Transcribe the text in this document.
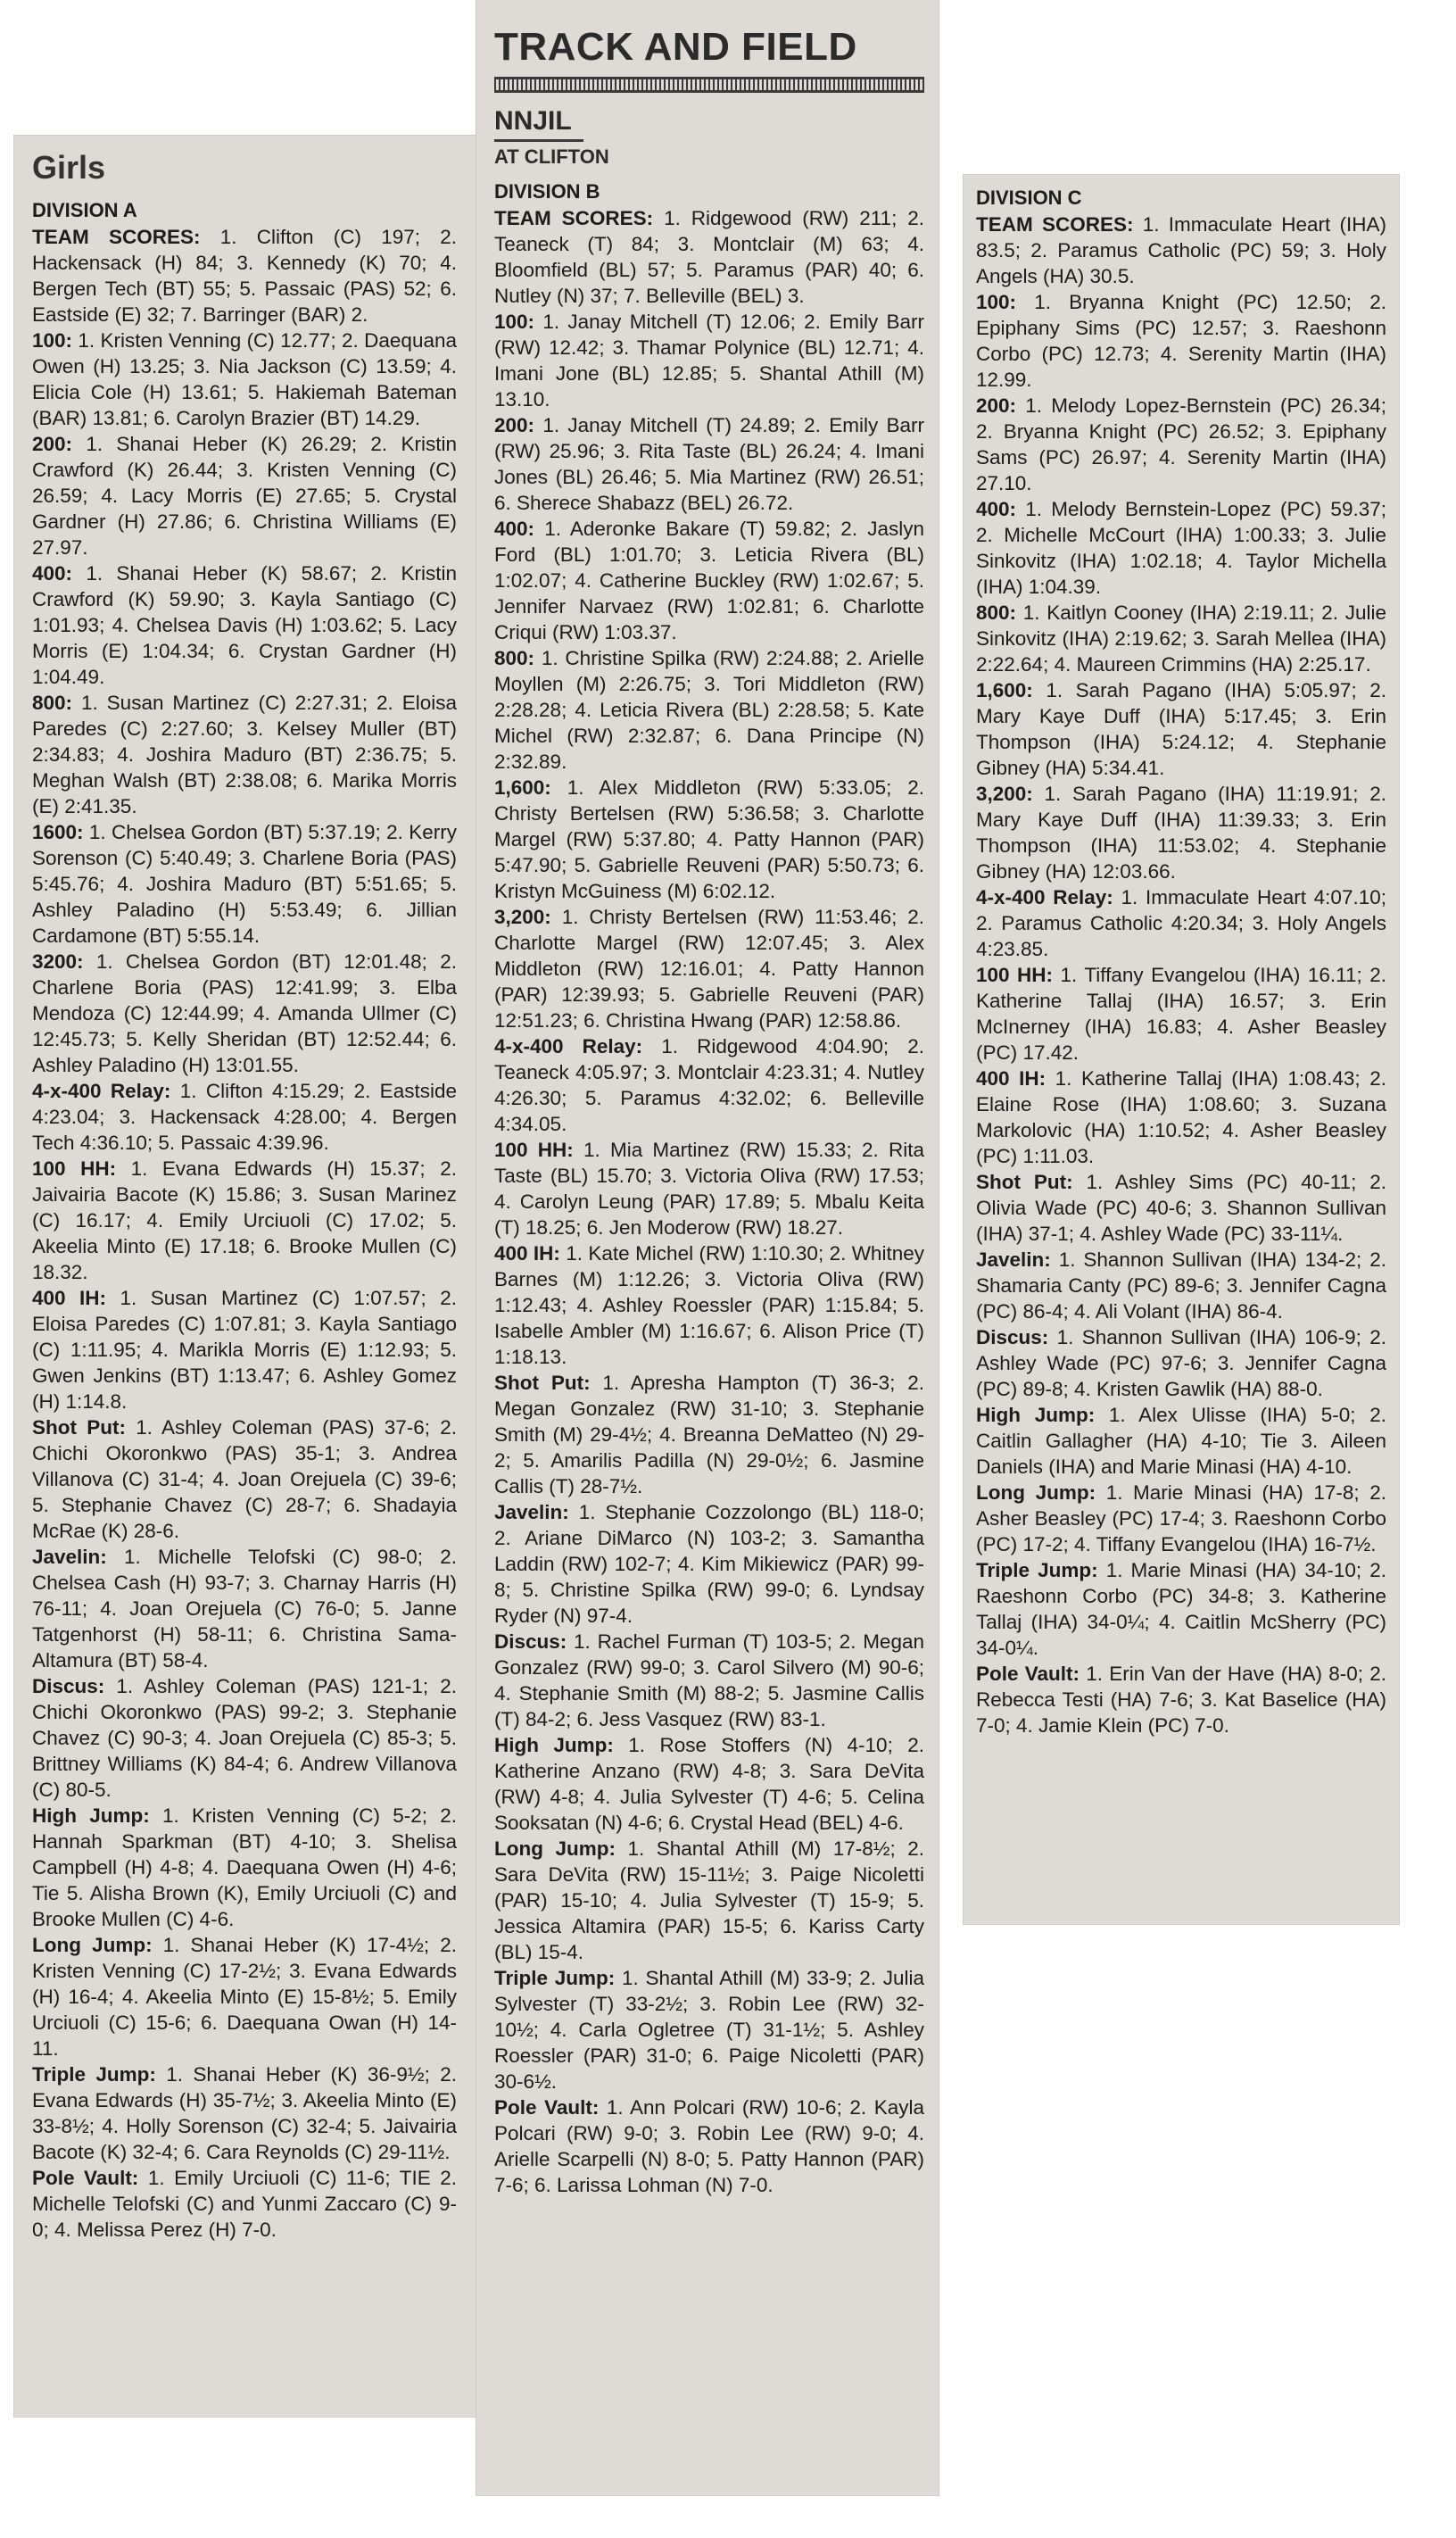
Girls
DIVISION A

TEAM SCORES: 1. Clifton (C) 197; 2. Hackensack (H) 84; 3. Kennedy (K) 70; 4. Bergen Tech (BT) 55; 5. Passaic (PAS) 52; 6. Eastside (E) 32; 7. Barringer (BAR) 2.

100: 1. Kristen Venning (C) 12.77; 2. Daequana Owen (H) 13.25; 3. Nia Jackson (C) 13.59; 4. Elicia Cole (H) 13.61; 5. Hakiemah Bateman (BAR) 13.81; 6. Carolyn Brazier (BT) 14.29.

200: 1. Shanai Heber (K) 26.29; 2. Kristin Crawford (K) 26.44; 3. Kristen Venning (C) 26.59; 4. Lacy Morris (E) 27.65; 5. Crystal Gardner (H) 27.86; 6. Christina Williams (E) 27.97.

400: 1. Shanai Heber (K) 58.67; 2. Kristin Crawford (K) 59.90; 3. Kayla Santiago (C) 1:01.93; 4. Chelsea Davis (H) 1:03.62; 5. Lacy Morris (E) 1:04.34; 6. Crystan Gardner (H) 1:04.49.

800: 1. Susan Martinez (C) 2:27.31; 2. Eloisa Paredes (C) 2:27.60; 3. Kelsey Muller (BT) 2:34.83; 4. Joshira Maduro (BT) 2:36.75; 5. Meghan Walsh (BT) 2:38.08; 6. Marika Morris (E) 2:41.35.

1600: 1. Chelsea Gordon (BT) 5:37.19; 2. Kerry Sorenson (C) 5:40.49; 3. Charlene Boria (PAS) 5:45.76; 4. Joshira Maduro (BT) 5:51.65; 5. Ashley Paladino (H) 5:53.49; 6. Jillian Cardamone (BT) 5:55.14.

3200: 1. Chelsea Gordon (BT) 12:01.48; 2. Charlene Boria (PAS) 12:41.99; 3. Elba Mendoza (C) 12:44.99; 4. Amanda Ullmer (C) 12:45.73; 5. Kelly Sheridan (BT) 12:52.44; 6. Ashley Paladino (H) 13:01.55.

4-x-400 Relay: 1. Clifton 4:15.29; 2. Eastside 4:23.04; 3. Hackensack 4:28.00; 4. Bergen Tech 4:36.10; 5. Passaic 4:39.96.

100 HH: 1. Evana Edwards (H) 15.37; 2. Jaivairia Bacote (K) 15.86; 3. Susan Marinez (C) 16.17; 4. Emily Urciuoli (C) 17.02; 5. Akeelia Minto (E) 17.18; 6. Brooke Mullen (C) 18.32.

400 IH: 1. Susan Martinez (C) 1:07.57; 2. Eloisa Paredes (C) 1:07.81; 3. Kayla Santiago (C) 1:11.95; 4. Marikla Morris (E) 1:12.93; 5. Gwen Jenkins (BT) 1:13.47; 6. Ashley Gomez (H) 1:14.8.

Shot Put: 1. Ashley Coleman (PAS) 37-6; 2. Chichi Okoronkwo (PAS) 35-1; 3. Andrea Villanova (C) 31-4; 4. Joan Orejuela (C) 39-6; 5. Stephanie Chavez (C) 28-7; 6. Shadayia McRae (K) 28-6.

Javelin: 1. Michelle Telofski (C) 98-0; 2. Chelsea Cash (H) 93-7; 3. Charnay Harris (H) 76-11; 4. Joan Orejuela (C) 76-0; 5. Janne Tatgenhorst (H) 58-11; 6. Christina Sama-Altamura (BT) 58-4.

Discus: 1. Ashley Coleman (PAS) 121-1; 2. Chichi Okoronkwo (PAS) 99-2; 3. Stephanie Chavez (C) 90-3; 4. Joan Orejuela (C) 85-3; 5. Brittney Williams (K) 84-4; 6. Andrew Villanova (C) 80-5.

High Jump: 1. Kristen Venning (C) 5-2; 2. Hannah Sparkman (BT) 4-10; 3. Shelisa Campbell (H) 4-8; 4. Daequana Owen (H) 4-6; Tie 5. Alisha Brown (K), Emily Urciuoli (C) and Brooke Mullen (C) 4-6.

Long Jump: 1. Shanai Heber (K) 17-4½; 2. Kristen Venning (C) 17-2½; 3. Evana Edwards (H) 16-4; 4. Akeelia Minto (E) 15-8½; 5. Emily Urciuoli (C) 15-6; 6. Daequana Owan (H) 14-11.

Triple Jump: 1. Shanai Heber (K) 36-9½; 2. Evana Edwards (H) 35-7½; 3. Akeelia Minto (E) 33-8½; 4. Holly Sorenson (C) 32-4; 5. Jaivairia Bacote (K) 32-4; 6. Cara Reynolds (C) 29-11½.

Pole Vault: 1. Emily Urciuoli (C) 11-6; TIE 2. Michelle Telofski (C) and Yunmi Zaccaro (C) 9-0; 4. Melissa Perez (H) 7-0.

TRACK AND FIELD
NNJIL
AT CLIFTON
DIVISION B

TEAM SCORES: 1. Ridgewood (RW) 211; 2. Teaneck (T) 84; 3. Montclair (M) 63; 4. Bloomfield (BL) 57; 5. Paramus (PAR) 40; 6. Nutley (N) 37; 7. Belleville (BEL) 3.

100: 1. Janay Mitchell (T) 12.06; 2. Emily Barr (RW) 12.42; 3. Thamar Polynice (BL) 12.71; 4. Imani Jone (BL) 12.85; 5. Shantal Athill (M) 13.10.

200: 1. Janay Mitchell (T) 24.89; 2. Emily Barr (RW) 25.96; 3. Rita Taste (BL) 26.24; 4. Imani Jones (BL) 26.46; 5. Mia Martinez (RW) 26.51; 6. Sherece Shabazz (BEL) 26.72.

400: 1. Aderonke Bakare (T) 59.82; 2. Jaslyn Ford (BL) 1:01.70; 3. Leticia Rivera (BL) 1:02.07; 4. Catherine Buckley (RW) 1:02.67; 5. Jennifer Narvaez (RW) 1:02.81; 6. Charlotte Criqui (RW) 1:03.37.

800: 1. Christine Spilka (RW) 2:24.88; 2. Arielle Moyllen (M) 2:26.75; 3. Tori Middleton (RW) 2:28.28; 4. Leticia Rivera (BL) 2:28.58; 5. Kate Michel (RW) 2:32.87; 6. Dana Principe (N) 2:32.89.

1,600: 1. Alex Middleton (RW) 5:33.05; 2. Christy Bertelsen (RW) 5:36.58; 3. Charlotte Margel (RW) 5:37.80; 4. Patty Hannon (PAR) 5:47.90; 5. Gabrielle Reuveni (PAR) 5:50.73; 6. Kristyn McGuiness (M) 6:02.12.

3,200: 1. Christy Bertelsen (RW) 11:53.46; 2. Charlotte Margel (RW) 12:07.45; 3. Alex Middleton (RW) 12:16.01; 4. Patty Hannon (PAR) 12:39.93; 5. Gabrielle Reuveni (PAR) 12:51.23; 6. Christina Hwang (PAR) 12:58.86.

4-x-400 Relay: 1. Ridgewood 4:04.90; 2. Teaneck 4:05.97; 3. Montclair 4:23.31; 4. Nutley 4:26.30; 5. Paramus 4:32.02; 6. Belleville 4:34.05.

100 HH: 1. Mia Martinez (RW) 15.33; 2. Rita Taste (BL) 15.70; 3. Victoria Oliva (RW) 17.53; 4. Carolyn Leung (PAR) 17.89; 5. Mbalu Keita (T) 18.25; 6. Jen Moderow (RW) 18.27.

400 IH: 1. Kate Michel (RW) 1:10.30; 2. Whitney Barnes (M) 1:12.26; 3. Victoria Oliva (RW) 1:12.43; 4. Ashley Roessler (PAR) 1:15.84; 5. Isabelle Ambler (M) 1:16.67; 6. Alison Price (T) 1:18.13.

Shot Put: 1. Apresha Hampton (T) 36-3; 2. Megan Gonzalez (RW) 31-10; 3. Stephanie Smith (M) 29-4½; 4. Breanna DeMatteo (N) 29-2; 5. Amarilis Padilla (N) 29-0½; 6. Jasmine Callis (T) 28-7½.

Javelin: 1. Stephanie Cozzolongo (BL) 118-0; 2. Ariane DiMarco (N) 103-2; 3. Samantha Laddin (RW) 102-7; 4. Kim Mikiewicz (PAR) 99-8; 5. Christine Spilka (RW) 99-0; 6. Lyndsay Ryder (N) 97-4.

Discus: 1. Rachel Furman (T) 103-5; 2. Megan Gonzalez (RW) 99-0; 3. Carol Silvero (M) 90-6; 4. Stephanie Smith (M) 88-2; 5. Jasmine Callis (T) 84-2; 6. Jess Vasquez (RW) 83-1.

High Jump: 1. Rose Stoffers (N) 4-10; 2. Katherine Anzano (RW) 4-8; 3. Sara DeVita (RW) 4-8; 4. Julia Sylvester (T) 4-6; 5. Celina Sooksatan (N) 4-6; 6. Crystal Head (BEL) 4-6.

Long Jump: 1. Shantal Athill (M) 17-8½; 2. Sara DeVita (RW) 15-11½; 3. Paige Nicoletti (PAR) 15-10; 4. Julia Sylvester (T) 15-9; 5. Jessica Altamira (PAR) 15-5; 6. Kariss Carty (BL) 15-4.

Triple Jump: 1. Shantal Athill (M) 33-9; 2. Julia Sylvester (T) 33-2½; 3. Robin Lee (RW) 32-10½; 4. Carla Ogletree (T) 31-1½; 5. Ashley Roessler (PAR) 31-0; 6. Paige Nicoletti (PAR) 30-6½.

Pole Vault: 1. Ann Polcari (RW) 10-6; 2. Kayla Polcari (RW) 9-0; 3. Robin Lee (RW) 9-0; 4. Arielle Scarpelli (N) 8-0; 5. Patty Hannon (PAR) 7-6; 6. Larissa Lohman (N) 7-0.

DIVISION C

TEAM SCORES: 1. Immaculate Heart (IHA) 83.5; 2. Paramus Catholic (PC) 59; 3. Holy Angels (HA) 30.5.

100: 1. Bryanna Knight (PC) 12.50; 2. Epiphany Sims (PC) 12.57; 3. Raeshonn Corbo (PC) 12.73; 4. Serenity Martin (IHA) 12.99.

200: 1. Melody Lopez-Bernstein (PC) 26.34; 2. Bryanna Knight (PC) 26.52; 3. Epiphany Sams (PC) 26.97; 4. Serenity Martin (IHA) 27.10.

400: 1. Melody Bernstein-Lopez (PC) 59.37; 2. Michelle McCourt (IHA) 1:00.33; 3. Julie Sinkovitz (IHA) 1:02.18; 4. Taylor Michella (IHA) 1:04.39.

800: 1. Kaitlyn Cooney (IHA) 2:19.11; 2. Julie Sinkovitz (IHA) 2:19.62; 3. Sarah Mellea (IHA) 2:22.64; 4. Maureen Crimmins (HA) 2:25.17.

1,600: 1. Sarah Pagano (IHA) 5:05.97; 2. Mary Kaye Duff (IHA) 5:17.45; 3. Erin Thompson (IHA) 5:24.12; 4. Stephanie Gibney (HA) 5:34.41.

3,200: 1. Sarah Pagano (IHA) 11:19.91; 2. Mary Kaye Duff (IHA) 11:39.33; 3. Erin Thompson (IHA) 11:53.02; 4. Stephanie Gibney (HA) 12:03.66.

4-x-400 Relay: 1. Immaculate Heart 4:07.10; 2. Paramus Catholic 4:20.34; 3. Holy Angels 4:23.85.

100 HH: 1. Tiffany Evangelou (IHA) 16.11; 2. Katherine Tallaj (IHA) 16.57; 3. Erin McInerney (IHA) 16.83; 4. Asher Beasley (PC) 17.42.

400 IH: 1. Katherine Tallaj (IHA) 1:08.43; 2. Elaine Rose (IHA) 1:08.60; 3. Suzana Markolovic (HA) 1:10.52; 4. Asher Beasley (PC) 1:11.03.

Shot Put: 1. Ashley Sims (PC) 40-11; 2. Olivia Wade (PC) 40-6; 3. Shannon Sullivan (IHA) 37-1; 4. Ashley Wade (PC) 33-11¼.

Javelin: 1. Shannon Sullivan (IHA) 134-2; 2. Shamaria Canty (PC) 89-6; 3. Jennifer Cagna (PC) 86-4; 4. Ali Volant (IHA) 86-4.

Discus: 1. Shannon Sullivan (IHA) 106-9; 2. Ashley Wade (PC) 97-6; 3. Jennifer Cagna (PC) 89-8; 4. Kristen Gawlik (HA) 88-0.

High Jump: 1. Alex Ulisse (IHA) 5-0; 2. Caitlin Gallagher (HA) 4-10; Tie 3. Aileen Daniels (IHA) and Marie Minasi (HA) 4-10.

Long Jump: 1. Marie Minasi (HA) 17-8; 2. Asher Beasley (PC) 17-4; 3. Raeshonn Corbo (PC) 17-2; 4. Tiffany Evangelou (IHA) 16-7½.

Triple Jump: 1. Marie Minasi (HA) 34-10; 2. Raeshonn Corbo (PC) 34-8; 3. Katherine Tallaj (IHA) 34-0¼; 4. Caitlin McSherry (PC) 34-0¼.

Pole Vault: 1. Erin Van der Have (HA) 8-0; 2. Rebecca Testi (HA) 7-6; 3. Kat Baselice (HA) 7-0; 4. Jamie Klein (PC) 7-0.
